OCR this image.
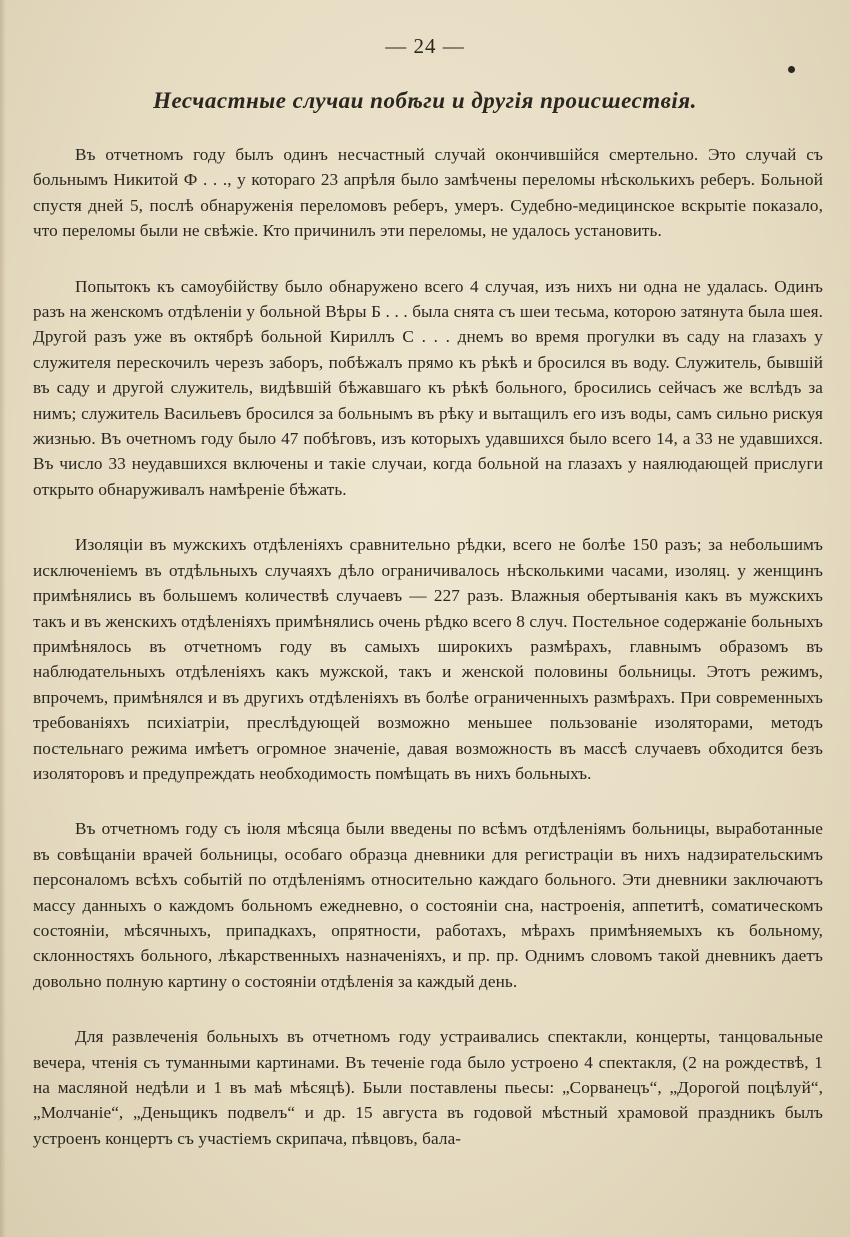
— 24 —
Несчастные случаи побѣги и другія происшествія.

Въ отчетномъ году былъ одинъ несчастный случай окончившійся смертельно. Это случай съ больнымъ Никитой Ф . . ., у котораго 23 апрѣля было замѣчены переломы нѣсколькихъ реберъ. Больной спустя дней 5, послѣ обнаруженія переломовъ реберъ, умеръ. Судебно-медицинское вскрытіе показало, что переломы были не свѣжіе. Кто причинилъ эти переломы, не удалось установить.

Попытокъ къ самоубійству было обнаружено всего 4 случая, изъ нихъ ни одна не удалась. Одинъ разъ на женскомъ отдѣленіи у больной Вѣры Б . . . была снята съ шеи тесьма, которою затянута была шея. Другой разъ уже въ октябрѣ больной Кириллъ С . . . днемъ во время прогулки въ саду на глазахъ у служителя перескочилъ черезъ заборъ, побѣжалъ прямо къ рѣкѣ и бросился въ воду. Служитель, бывшій въ саду и другой служитель, видѣвшій бѣжавшаго къ рѣкѣ больного, бросились сейчасъ же вслѣдъ за нимъ; служитель Васильевъ бросился за больнымъ въ рѣку и вытащилъ его изъ воды, самъ сильно рискуя жизнью. Въ очетномъ году было 47 побѣговъ, изъ которыхъ удавшихся было всего 14, а 33 не удавшихся. Въ число 33 неудавшихся включены и такіе случаи, когда больной на глазахъ у наялюдающей прислуги открыто обнаруживалъ намѣреніе бѣжать.

Изоляціи въ мужскихъ отдѣленіяхъ сравнительно рѣдки, всего не болѣе 150 разъ; за небольшимъ исключеніемъ въ отдѣльныхъ случаяхъ дѣло ограничивалось нѣсколькими часами, изоляц. у женщинъ примѣнялись въ большемъ количествѣ случаевъ — 227 разъ. Влажныя обертыванія какъ въ мужскихъ такъ и въ женскихъ отдѣленіяхъ примѣнялись очень рѣдко всего 8 случ. Постельное содержаніе больныхъ примѣнялось въ отчетномъ году въ самыхъ широкихъ размѣрахъ, главнымъ образомъ въ наблюдательныхъ отдѣленіяхъ какъ мужской, такъ и женской половины больницы. Этотъ режимъ, впрочемъ, примѣнялся и въ другихъ отдѣленіяхъ въ болѣе ограниченныхъ размѣрахъ. При современныхъ требованіяхъ психіатріи, преслѣдующей возможно меньшее пользованіе изоляторами, методъ постельнаго режима имѣетъ огромное значеніе, давая возможность въ массѣ случаевъ обходится безъ изоляторовъ и предупреждать необходимость помѣщать въ нихъ больныхъ.

Въ отчетномъ году съ іюля мѣсяца были введены по всѣмъ отдѣленіямъ больницы, выработанные въ совѣщаніи врачей больницы, особаго образца дневники для регистраціи въ нихъ надзирательскимъ персоналомъ всѣхъ событій по отдѣленіямъ относительно каждаго больного. Эти дневники заключаютъ массу данныхъ о каждомъ больномъ ежедневно, о состояніи сна, настроенія, аппетитѣ, соматическомъ состояніи, мѣсячныхъ, припадкахъ, опрятности, работахъ, мѣрахъ примѣняемыхъ къ больному, склонностяхъ больного, лѣкарственныхъ назначеніяхъ, и пр. пр. Однимъ словомъ такой дневникъ даетъ довольно полную картину о состояніи отдѣленія за каждый день.

Для развлеченія больныхъ въ отчетномъ году устраивались спектакли, концерты, танцовальные вечера, чтенія съ туманными картинами. Въ теченіе года было устроено 4 спектакля, (2 на рождествѣ, 1 на масляной недѣли и 1 въ маѣ мѣсяцѣ). Были поставлены пьесы: „Сорванецъ“, „Дорогой поцѣлуй“, „Молчаніе“, „Деньщикъ подвелъ“ и др. 15 августа въ годовой мѣстный храмовой праздникъ былъ устроенъ концертъ съ участіемъ скрипача, пѣвцовъ, бала-
